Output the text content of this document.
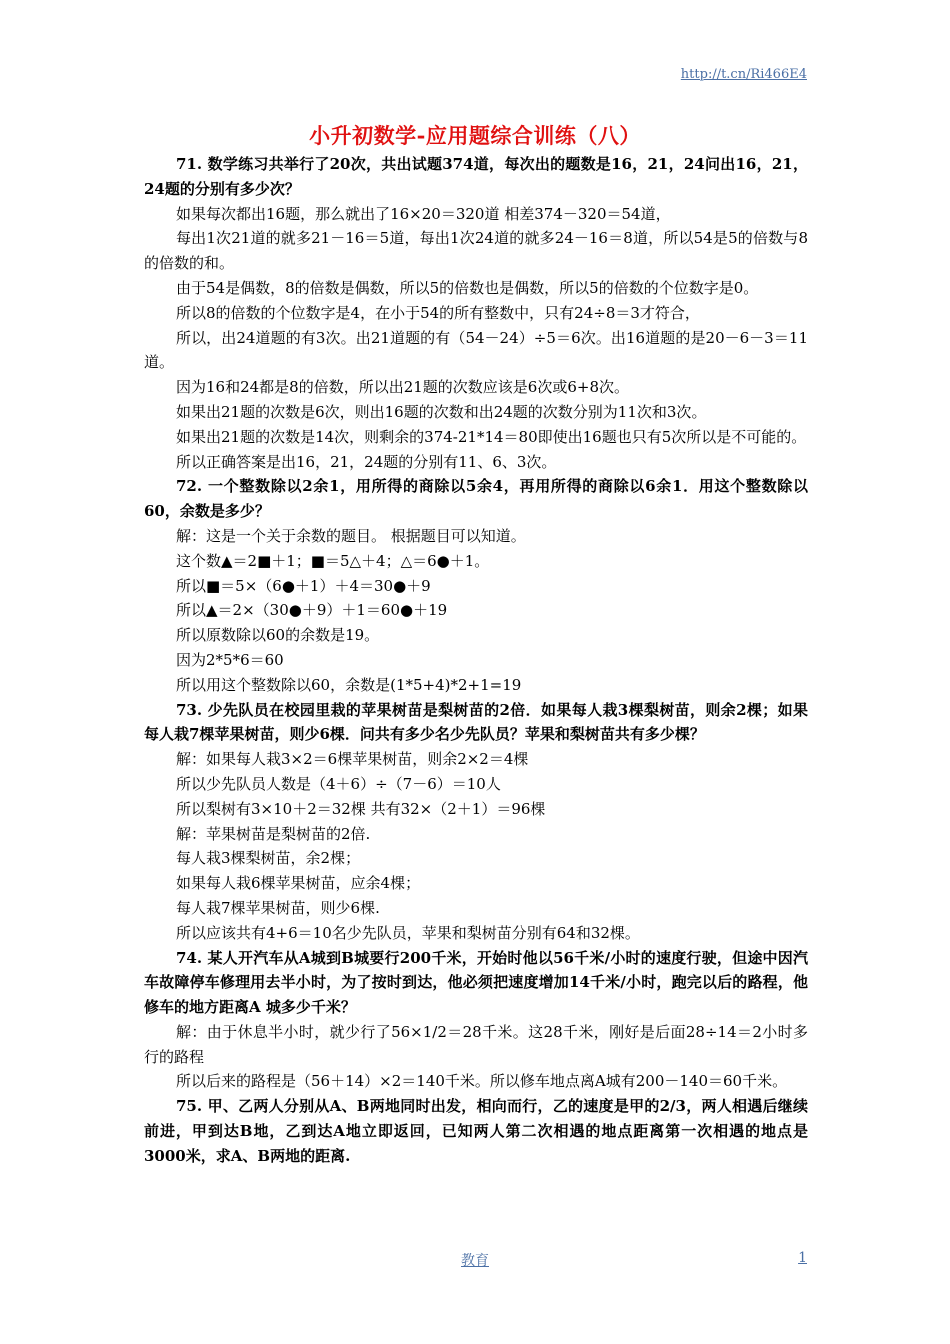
http://t.cn/Ri466E4
小升初数学-应用题综合训练（八）

71. 数学练习共举行了20次，共出试题374道，每次出的题数是16，21，24问出16，21，24题的分别有多少次？

如果每次都出16题，那么就出了16×20＝320道 相差374－320＝54道，

每出1次21道的就多21－16＝5道，每出1次24道的就多24－16＝8道，所以54是5的倍数与8的倍数的和。

由于54是偶数，8的倍数是偶数，所以5的倍数也是偶数，所以5的倍数的个位数字是0。

所以8的倍数的个位数字是4，在小于54的所有整数中，只有24÷8＝3才符合，

所以，出24道题的有3次。出21道题的有（54－24）÷5＝6次。出16道题的是20－6－3＝11道。

因为16和24都是8的倍数，所以出21题的次数应该是6次或6+8次。

如果出21题的次数是6次，则出16题的次数和出24题的次数分别为11次和3次。

如果出21题的次数是14次，则剩余的374-21*14＝80即使出16题也只有5次所以是不可能的。

所以正确答案是出16，21，24题的分别有11、6、3次。

72. 一个整数除以2余1，用所得的商除以5余4，再用所得的商除以6余1．用这个整数除以60，余数是多少？

解：这是一个关于余数的题目。 根据题目可以知道。

这个数▲＝2■＋1；■＝5△＋4；△＝6●＋1。

所以■＝5×（6●＋1）＋4＝30●＋9

所以▲＝2×（30●＋9）＋1＝60●＋19

所以原数除以60的余数是19。

因为2*5*6＝60

所以用这个整数除以60，余数是(1*5+4)*2+1=19

73. 少先队员在校园里栽的苹果树苗是梨树苗的2倍．如果每人栽3棵梨树苗，则余2棵；如果每人栽7棵苹果树苗，则少6棵．问共有多少名少先队员？苹果和梨树苗共有多少棵？

解：如果每人栽3×2＝6棵苹果树苗，则余2×2＝4棵

所以少先队员人数是（4＋6）÷（7－6）＝10人

所以梨树有3×10＋2＝32棵 共有32×（2＋1）＝96棵

解：苹果树苗是梨树苗的2倍.

每人栽3棵梨树苗，余2棵；

如果每人栽6棵苹果树苗，应余4棵；

每人栽7棵苹果树苗，则少6棵.

所以应该共有4+6＝10名少先队员，苹果和梨树苗分别有64和32棵。

74. 某人开汽车从A城到B城要行200千米，开始时他以56千米/小时的速度行驶，但途中因汽车故障停车修理用去半小时，为了按时到达，他必须把速度增加14千米/小时，跑完以后的路程，他修车的地方距离A 城多少千米？

解：由于休息半小时，就少行了56×1/2＝28千米。这28千米，刚好是后面28÷14＝2小时多行的路程

所以后来的路程是（56＋14）×2＝140千米。所以修车地点离A城有200－140＝60千米。

75. 甲、乙两人分别从A、B两地同时出发，相向而行，乙的速度是甲的2/3，两人相遇后继续前进，甲到达B地，乙到达A地立即返回，已知两人第二次相遇的地点距离第一次相遇的地点是3000米，求A、B两地的距离.

教育	1
